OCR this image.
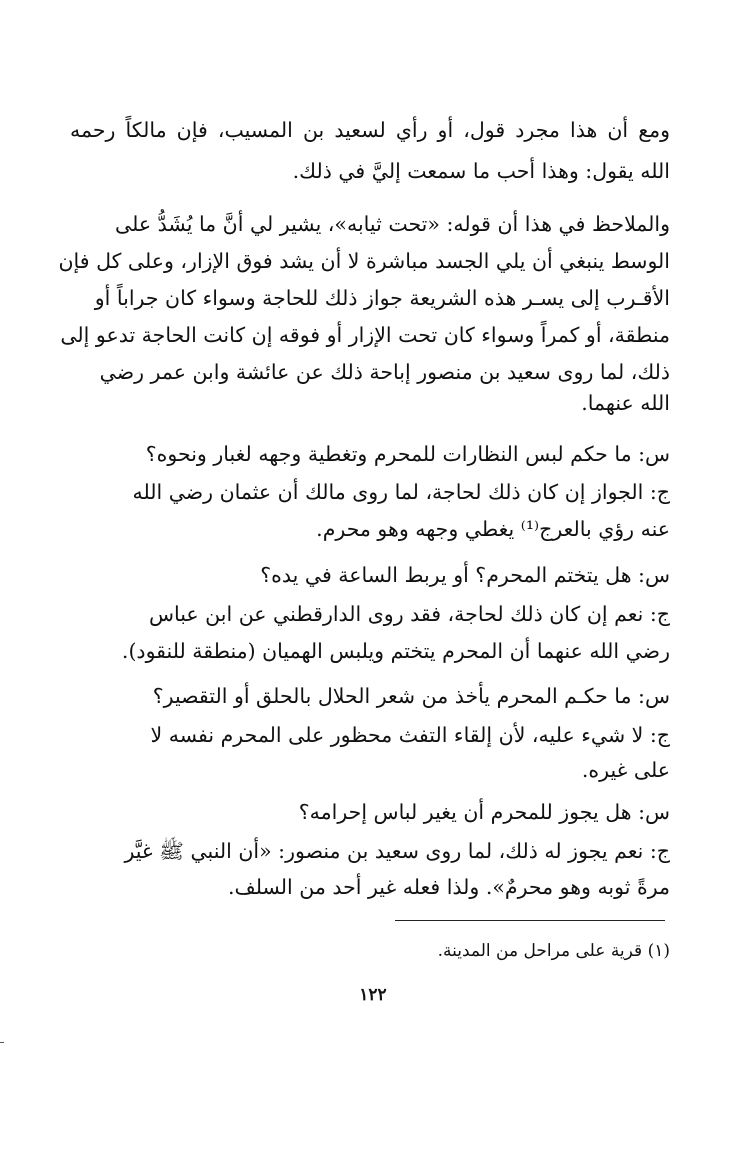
ومع أن هذا مجرد قول، أو رأي لسعيد بن المسيب، فإن مالكاً رحمه
الله يقول: وهذا أحب ما سمعت إليَّ في ذلك.
والملاحظ في هذا أن قوله: «تحت ثيابه»، يشير لي أنَّ ما يُشَدُّ على
الوسط ينبغي أن يلي الجسد مباشرة لا أن يشد فوق الإزار، وعلى كل فإن
الأقـرب إلى يسـر هذه الشريعة جواز ذلك للحاجة وسواء كان جراباً أو
منطقة، أو كمراً وسواء كان تحت الإزار أو فوقه إن كانت الحاجة تدعو إلى
ذلك، لما روى سعيد بن منصور إباحة ذلك عن عائشة وابن عمر رضي
الله عنهما.
س: ما حكم لبس النظارات للمحرم وتغطية وجهه لغبار ونحوه؟
ج: الجواز إن كان ذلك لحاجة، لما روى مالك أن عثمان رضي الله
عنه رؤي بالعرج⁽¹⁾ يغطي وجهه وهو محرم.
س: هل يتختم المحرم؟ أو يربط الساعة في يده؟
ج: نعم إن كان ذلك لحاجة، فقد روى الدارقطني عن ابن عباس
رضي الله عنهما أن المحرم يتختم ويلبس الهميان (منطقة للنقود).
س: ما حكـم المحرم يأخذ من شعر الحلال بالحلق أو التقصير؟
ج: لا شيء عليه، لأن إلقاء التفث محظور على المحرم نفسه لا
على غيره.
س: هل يجوز للمحرم أن يغير لباس إحرامه؟
ج: نعم يجوز له ذلك، لما روى سعيد بن منصور: «أن النبي ﷺ غيَّر
مرةً ثوبه وهو محرمٌ». ولذا فعله غير أحد من السلف.
(١) قرية على مراحل من المدينة.
١٢٢
